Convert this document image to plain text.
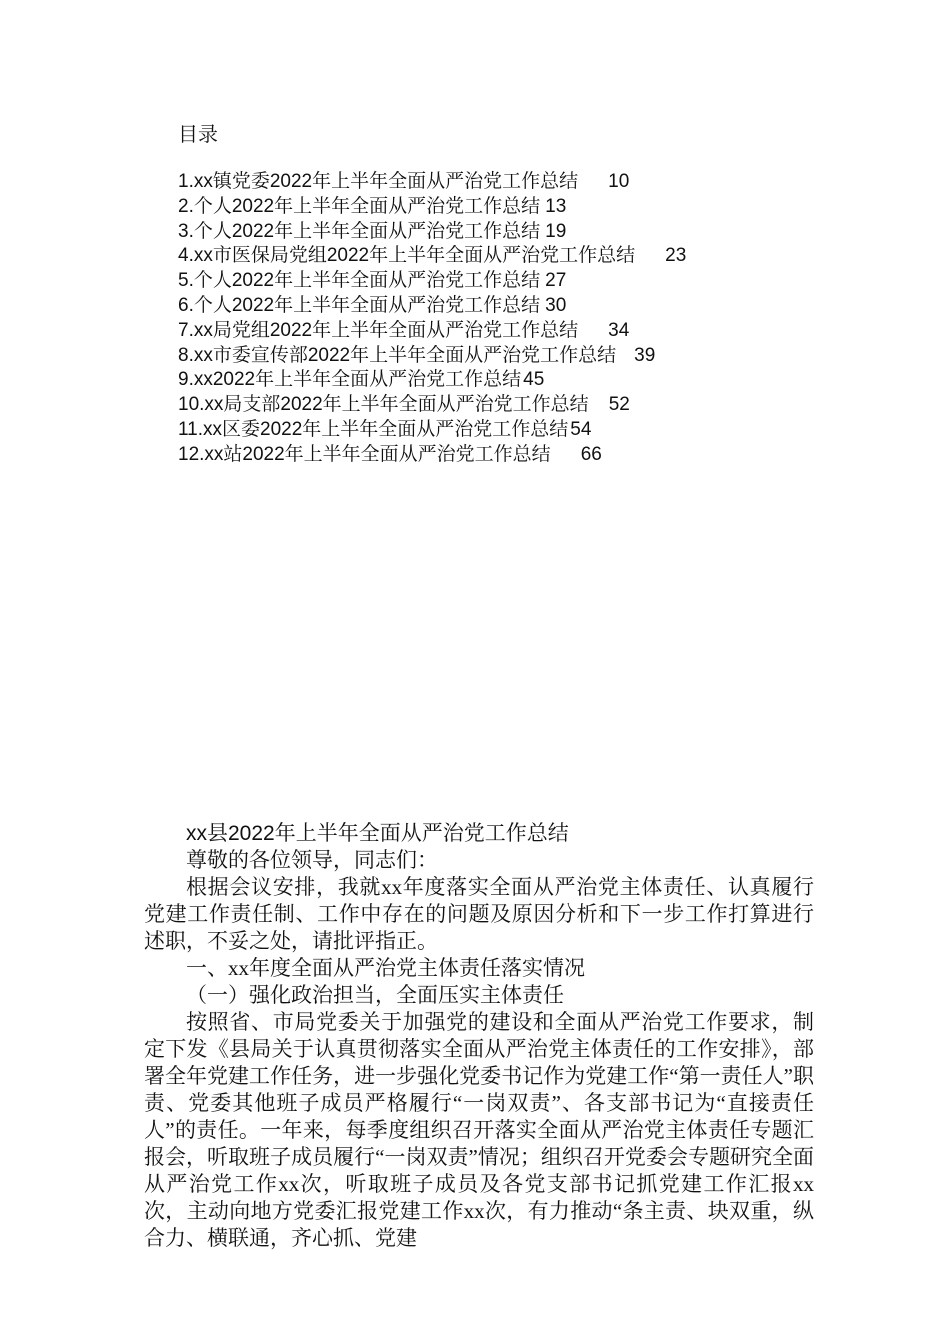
目录
1.xx镇党委2022年上半年全面从严治党工作总结 10
2.个人2022年上半年全面从严治党工作总结 13
3.个人2022年上半年全面从严治党工作总结 19
4.xx市医保局党组2022年上半年全面从严治党工作总结 23
5.个人2022年上半年全面从严治党工作总结 27
6.个人2022年上半年全面从严治党工作总结 30
7.xx局党组2022年上半年全面从严治党工作总结 34
8.xx市委宣传部2022年上半年全面从严治党工作总结 39
9.xx2022年上半年全面从严治党工作总结 45
10.xx局支部2022年上半年全面从严治党工作总结 52
11.xx区委2022年上半年全面从严治党工作总结 54
12.xx站2022年上半年全面从严治党工作总结 66

xx县2022年上半年全面从严治党工作总结

尊敬的各位领导，同志们：

根据会议安排，我就xx年度落实全面从严治党主体责任、认真履行党建工作责任制、工作中存在的问题及原因分析和下一步工作打算进行述职，不妥之处，请批评指正。

一、xx年度全面从严治党主体责任落实情况

（一）强化政治担当，全面压实主体责任

按照省、市局党委关于加强党的建设和全面从严治党工作要求，制定下发《县局关于认真贯彻落实全面从严治党主体责任的工作安排》，部署全年党建工作任务，进一步强化党委书记作为党建工作“第一责任人”职责、党委其他班子成员严格履行“一岗双责”、各支部书记为“直接责任人”的责任。一年来，每季度组织召开落实全面从严治党主体责任专题汇报会，听取班子成员履行“一岗双责”情况；组织召开党委会专题研究全面从严治党工作xx次，听取班子成员及各党支部书记抓党建工作汇报xx次，主动向地方党委汇报党建工作xx次，有力推动“条主责、块双重，纵合力、横联通，齐心抓、党建
